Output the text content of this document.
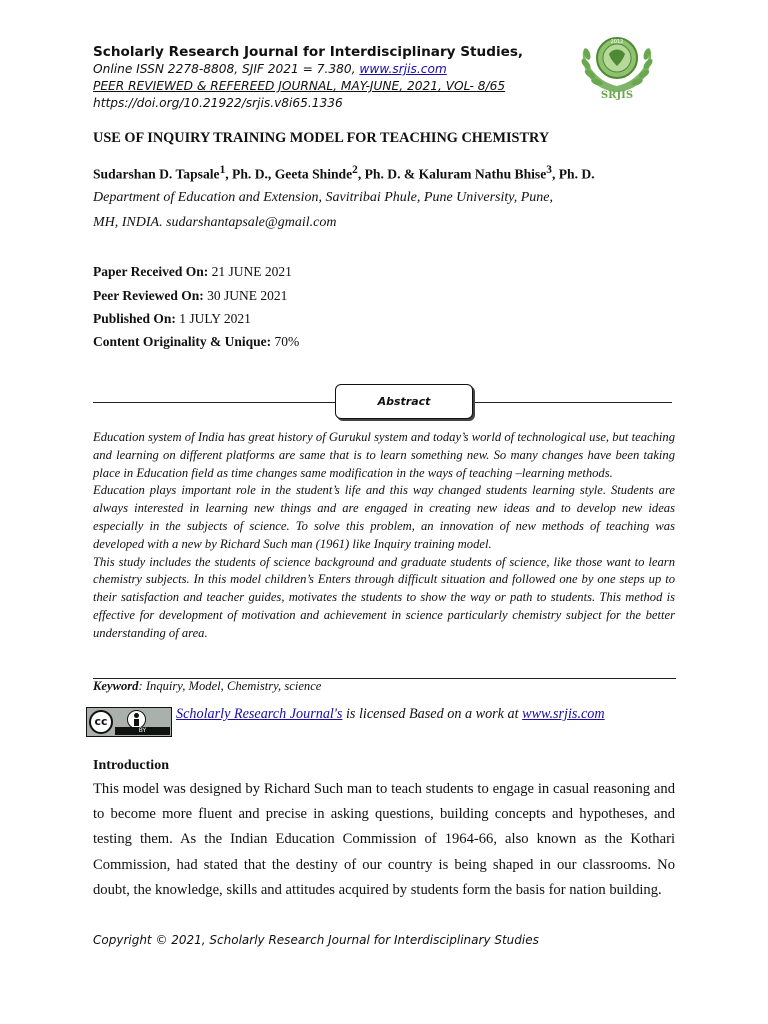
Scholarly Research Journal for Interdisciplinary Studies,
Online ISSN 2278-8808, SJIF 2021 = 7.380, www.srjis.com
PEER REVIEWED & REFEREED JOURNAL, MAY-JUNE, 2021, VOL- 8/65
https://doi.org/10.21922/srjis.v8i65.1336
SRJIS
2012
USE OF INQUIRY TRAINING MODEL FOR TEACHING CHEMISTRY
Sudarshan D. Tapsale$^1$, Ph. D., Geeta Shinde$^2$, Ph. D. & Kaluram Nathu Bhise$^3$, Ph. D.
Department of Education and Extension, Savitribai Phule, Pune University, Pune,
MH, INDIA. sudarshantapsale@gmail.com
Paper Received On: 21 JUNE 2021
Peer Reviewed On: 30 JUNE 2021
Published On: 1 JULY 2021
Content Originality & Unique: 70%
Abstract

Education system of India has great history of Gurukul system and today’s world of technological use, but teaching and learning on different platforms are same that is to learn something new. So many changes have been taking place in Education field as time changes same modification in the ways of teaching –learning methods.

Education plays important role in the student’s life and this way changed students learning style. Students are always interested in learning new things and are engaged in creating new ideas and to develop new ideas especially in the subjects of science. To solve this problem, an innovation of new methods of teaching was developed with a new by Richard Such man (1961) like Inquiry training model.

This study includes the students of science background and graduate students of science, like those want to learn chemistry subjects. In this model children’s Enters through difficult situation and followed one by one steps up to their satisfaction and teacher guides, motivates the students to show the way or path to students. This method is effective for development of motivation and achievement in science particularly chemistry subject for the better understanding of area.

Keyword: Inquiry, Model, Chemistry, science
cc
BY
Scholarly Research Journal's is licensed Based on a work at www.srjis.com
Introduction
This model was designed by Richard Such man to teach students to engage in casual reasoning and to become more fluent and precise in asking questions, building concepts and hypotheses, and testing them. As the Indian Education Commission of 1964-66, also known as the Kothari Commission, had stated that the destiny of our country is being shaped in our classrooms. No doubt, the knowledge, skills and attitudes acquired by students form the basis for nation building.
Copyright © 2021, Scholarly Research Journal for Interdisciplinary Studies
